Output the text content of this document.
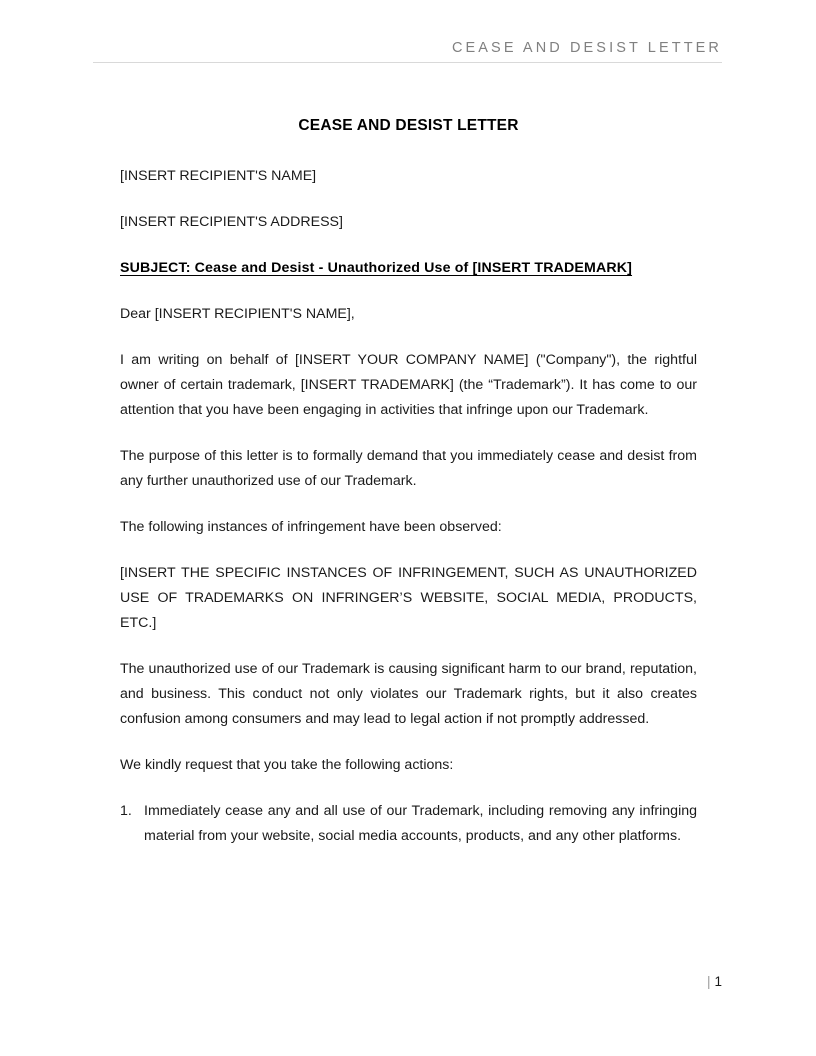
CEASE AND DESIST LETTER
CEASE AND DESIST LETTER

[INSERT RECIPIENT'S NAME]

[INSERT RECIPIENT'S ADDRESS]

SUBJECT: Cease and Desist - Unauthorized Use of [INSERT TRADEMARK]

Dear [INSERT RECIPIENT'S NAME],

I am writing on behalf of [INSERT YOUR COMPANY NAME] ("Company"), the rightful owner of certain trademark, [INSERT TRADEMARK] (the “Trademark”). It has come to our attention that you have been engaging in activities that infringe upon our Trademark.

The purpose of this letter is to formally demand that you immediately cease and desist from any further unauthorized use of our Trademark.

The following instances of infringement have been observed:

[INSERT THE SPECIFIC INSTANCES OF INFRINGEMENT, SUCH AS UNAUTHORIZED USE OF TRADEMARKS ON INFRINGER’S WEBSITE, SOCIAL MEDIA, PRODUCTS, ETC.]

The unauthorized use of our Trademark is causing significant harm to our brand, reputation, and business. This conduct not only violates our Trademark rights, but it also creates confusion among consumers and may lead to legal action if not promptly addressed.

We kindly request that you take the following actions:

Immediately cease any and all use of our Trademark, including removing any infringing material from your website, social media accounts, products, and any other platforms.
| 1
